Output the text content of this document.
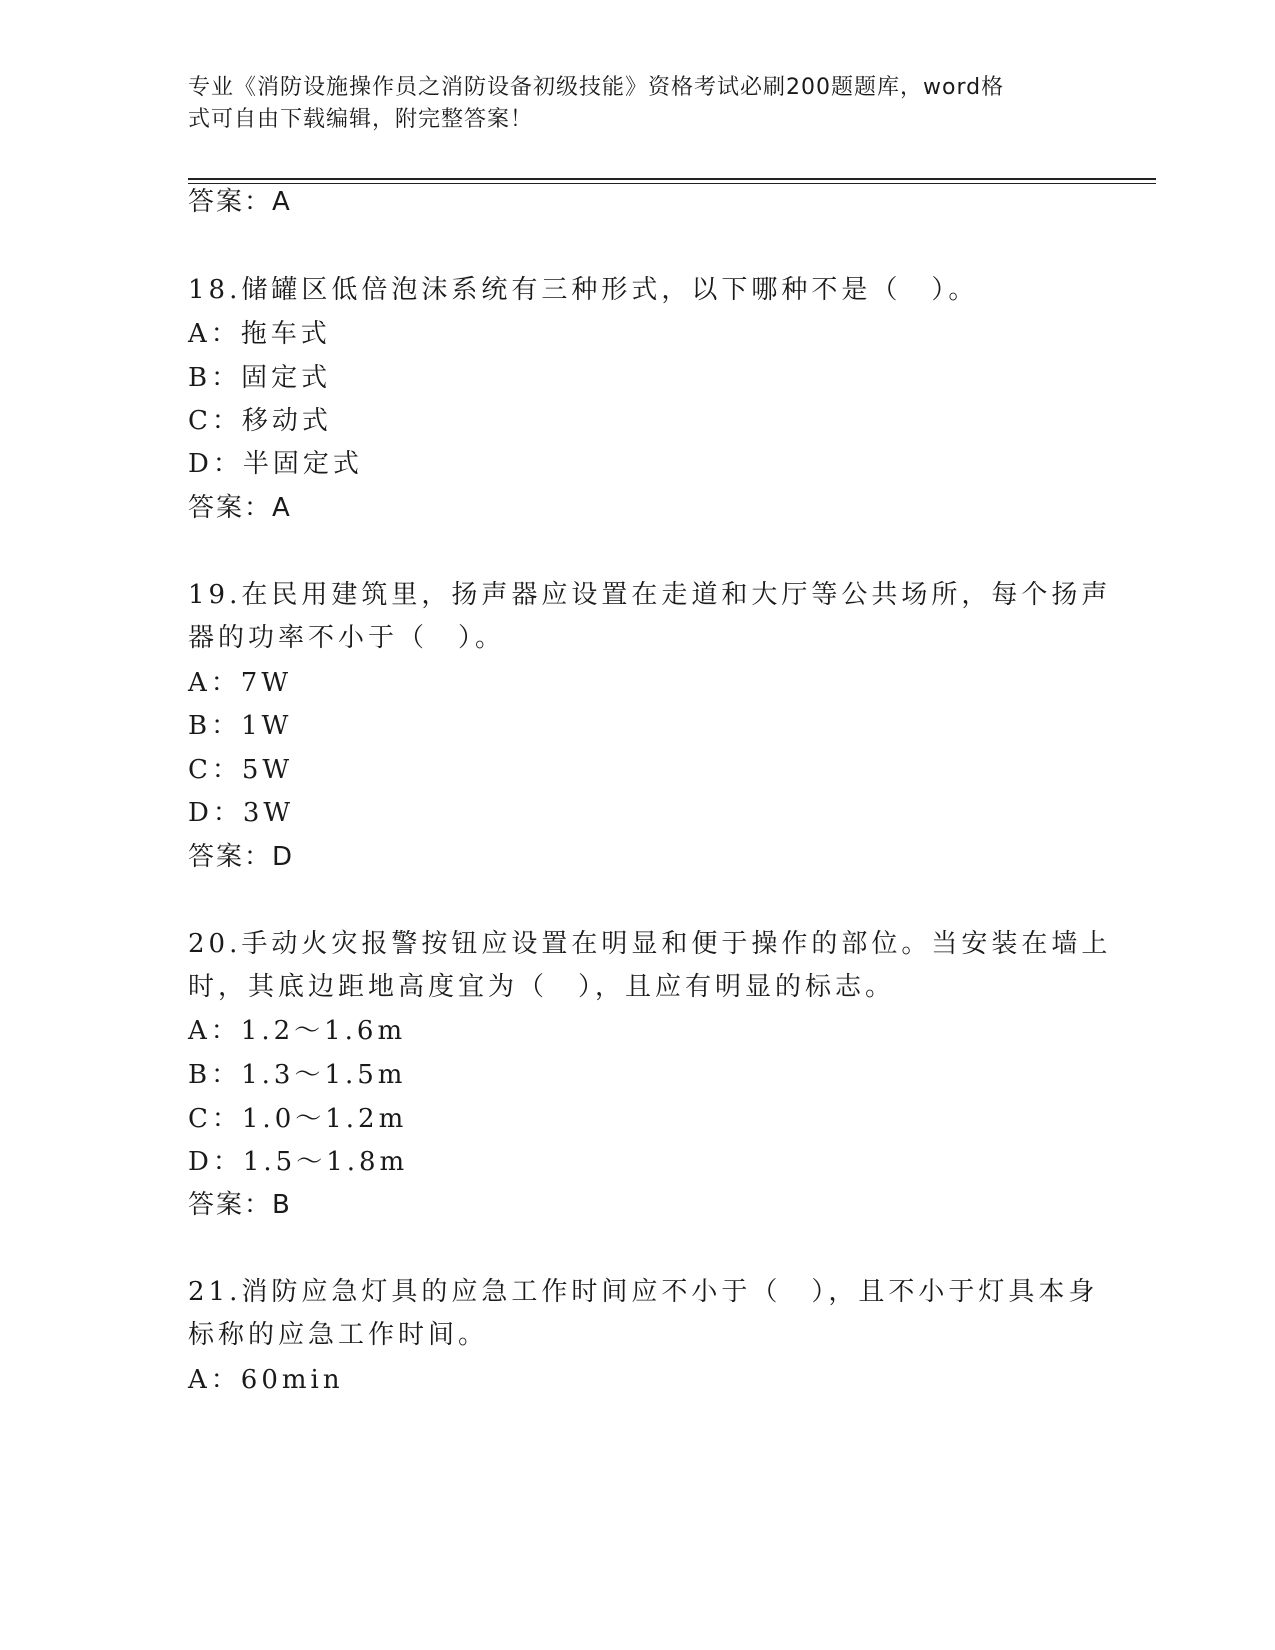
专业《消防设施操作员之消防设备初级技能》资格考试必刷200题题库，word格
式可自由下载编辑，附完整答案！
答案：A
18.储罐区低倍泡沫系统有三种形式，以下哪种不是（　）。
A：拖车式
B：固定式
C：移动式
D：半固定式
答案：A
19.在民用建筑里，扬声器应设置在走道和大厅等公共场所，每个扬声
器的功率不小于（　）。
A：7W
B：1W
C：5W
D：3W
答案：D
20.手动火灾报警按钮应设置在明显和便于操作的部位。当安装在墙上
时，其底边距地高度宜为（　），且应有明显的标志。
A：1.2～1.6m
B：1.3～1.5m
C：1.0～1.2m
D：1.5～1.8m
答案：B
21.消防应急灯具的应急工作时间应不小于（　），且不小于灯具本身
标称的应急工作时间。
A：60min
